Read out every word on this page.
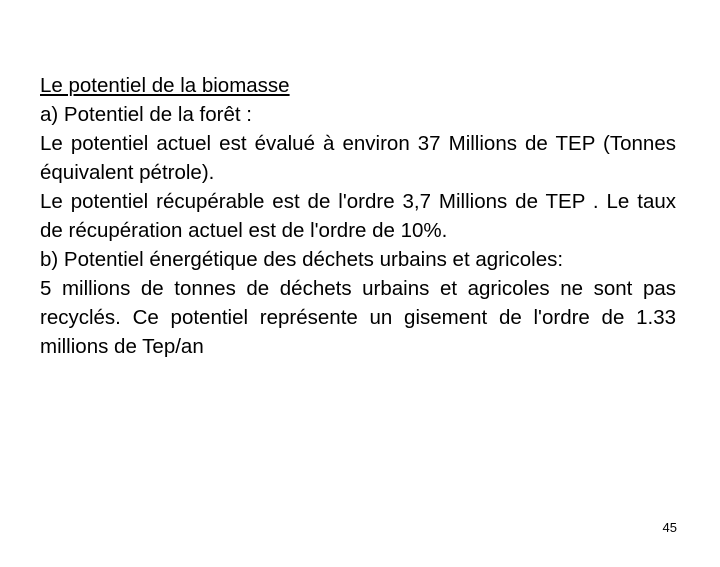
Le potentiel de la biomasse

a) Potentiel de la forêt :

Le potentiel actuel est évalué à environ 37 Millions de TEP (Tonnes équivalent pétrole).

Le potentiel récupérable est de l'ordre 3,7 Millions de TEP . Le taux de récupération actuel est de l'ordre de 10%.

b) Potentiel énergétique des déchets urbains et agricoles:

5 millions de tonnes de déchets urbains et agricoles ne sont pas recyclés. Ce potentiel représente un gisement de l'ordre de 1.33 millions de Tep/an

45
